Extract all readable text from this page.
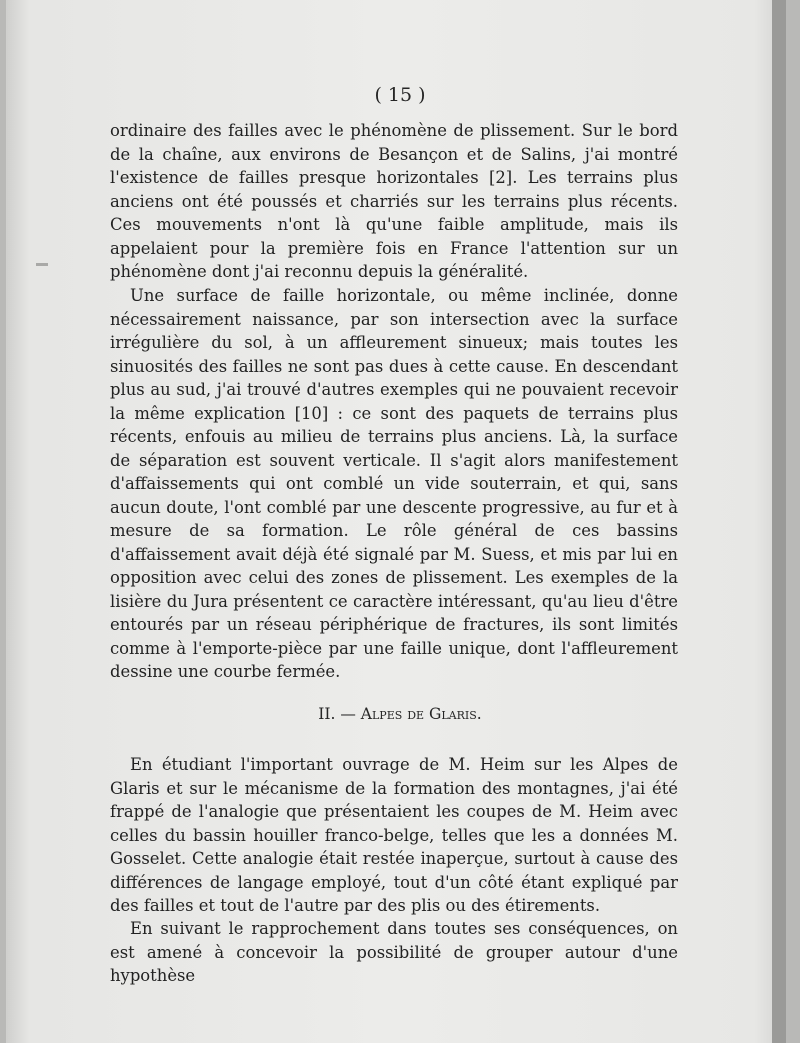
( 15 )

ordinaire des failles avec le phénomène de plissement. Sur le bord de la chaîne, aux environs de Besançon et de Salins, j'ai montré l'existence de failles presque horizontales [2]. Les terrains plus anciens ont été poussés et charriés sur les terrains plus récents. Ces mouvements n'ont là qu'une faible amplitude, mais ils appelaient pour la première fois en France l'attention sur un phénomène dont j'ai reconnu depuis la généralité.

Une surface de faille horizontale, ou même inclinée, donne nécessairement naissance, par son intersection avec la surface irrégulière du sol, à un affleurement sinueux; mais toutes les sinuosités des failles ne sont pas dues à cette cause. En descendant plus au sud, j'ai trouvé d'autres exemples qui ne pouvaient recevoir la même explication [10] : ce sont des paquets de terrains plus récents, enfouis au milieu de terrains plus anciens. Là, la surface de séparation est souvent verticale. Il s'agit alors manifestement d'affaissements qui ont comblé un vide souterrain, et qui, sans aucun doute, l'ont comblé par une descente progressive, au fur et à mesure de sa formation. Le rôle général de ces bassins d'affaissement avait déjà été signalé par M. Suess, et mis par lui en opposition avec celui des zones de plissement. Les exemples de la lisière du Jura présentent ce caractère intéressant, qu'au lieu d'être entourés par un réseau périphérique de fractures, ils sont limités comme à l'emporte-pièce par une faille unique, dont l'affleurement dessine une courbe fermée.

II. — Alpes de Glaris.

En étudiant l'important ouvrage de M. Heim sur les Alpes de Glaris et sur le mécanisme de la formation des montagnes, j'ai été frappé de l'analogie que présentaient les coupes de M. Heim avec celles du bassin houiller franco-belge, telles que les a données M. Gosselet. Cette analogie était restée inaperçue, surtout à cause des différences de langage employé, tout d'un côté étant expliqué par des failles et tout de l'autre par des plis ou des étirements.

En suivant le rapprochement dans toutes ses conséquences, on est amené à concevoir la possibilité de grouper autour d'une hypothèse
